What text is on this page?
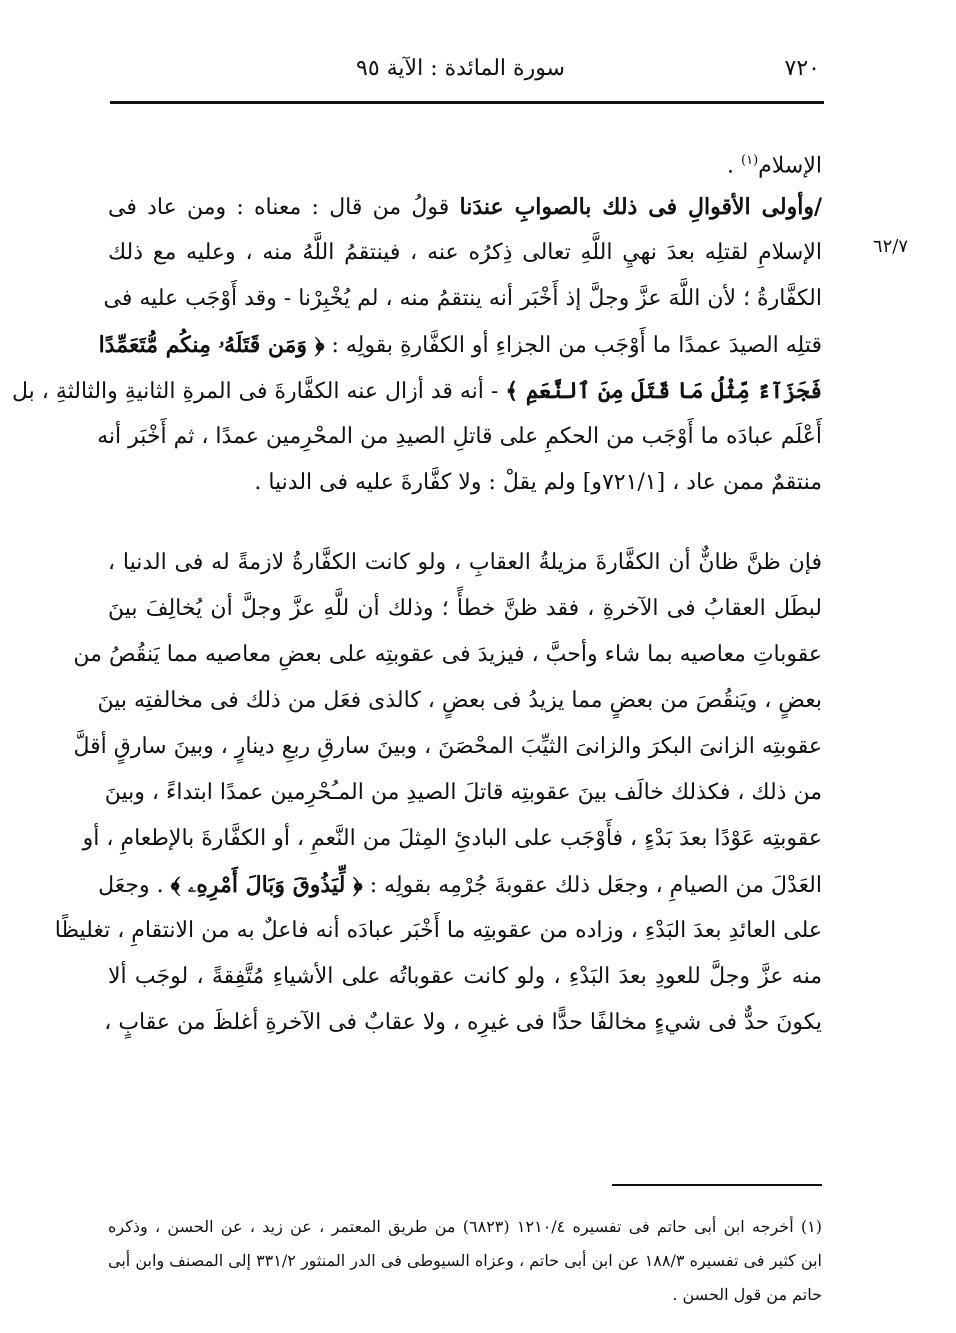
٧٢٠
سورة المائدة : الآية ٩٥
٦٢/٧
الإسلام$^{(١)}$ .
/وأولى الأقوالِ فى ذلك بالصوابِ عندَنا قولُ من قال : معناه : ومن عاد فى
الإسلامِ لقتلِه بعدَ نهيِ اللَّهِ تعالى ذِكرُه عنه ، فينتقمُ اللَّهُ منه ، وعليه مع ذلك
الكفَّارةُ ؛ لأن اللَّهَ عزَّ وجلَّ إذ أَخْبَر أنه ينتقمُ منه ، لم يُخْبِرْنا - وقد أَوْجَب عليه فى
قتلِه الصيدَ عمدًا ما أَوْجَب من الجزاءِ أو الكفَّارةِ بقولِه : ﴿ وَمَن قَتَلَهُۥ مِنكُم مُّتَعَمِّدًا
فَجَزَآءٌ مِّثْلُ مَا قَتَلَ مِنَ ٱلنَّعَمِ ﴾ - أنه قد أزال عنه الكفَّارةَ فى المرةِ الثانيةِ والثالثةِ ، بل
أَعْلَم عبادَه ما أَوْجَب من الحكمِ على قاتلِ الصيدِ من المحْرِمين عمدًا ، ثم أَخْبَر أنه
منتقمٌ ممن عاد ، [٧٢١/١و] ولم يقلْ : ولا كفَّارةَ عليه فى الدنيا .
فإن ظنَّ ظانٌّ أن الكفَّارةَ مزيلةُ العقابِ ، ولو كانت الكفَّارةُ لازمةً له فى الدنيا ،
لبطَل العقابُ فى الآخرةِ ، فقد ظنَّ خطأً ؛ وذلك أن للَّهِ عزَّ وجلَّ أن يُخالِفَ بينَ
عقوباتِ معاصيه بما شاء وأحبَّ ، فيزيدَ فى عقوبتِه على بعضِ معاصيه مما يَنقُصُ من
بعضٍ ، ويَنقُصَ من بعضٍ مما يزيدُ فى بعضٍ ، كالذى فعَل من ذلك فى مخالفتِه بينَ
عقوبتِه الزانىَ البكرَ والزانىَ الثيِّبَ المحْصَنَ ، وبينَ سارقِ ربعِ دينارٍ ، وبينَ سارقٍ أقلَّ
من ذلك ، فكذلك خالَف بينَ عقوبتِه قاتلَ الصيدِ من المـُحْرِمين عمدًا ابتداءً ، وبينَ
عقوبتِه عَوْدًا بعدَ بَدْءٍ ، فأَوْجَب على البادئِ المِثلَ من النَّعمِ ، أو الكفَّارةَ بالإطعامِ ، أو
العَدْلَ من الصيامِ ، وجعَل ذلك عقوبةَ جُرْمِه بقولِه : ﴿ لِّيَذُوقَ وَبَالَ أَمْرِهِۦ ﴾ . وجعَل
على العائدِ بعدَ البَدْءِ ، وزاده من عقوبتِه ما أَخْبَر عبادَه أنه فاعلٌ به من الانتقامِ ، تغليظًا
منه عزَّ وجلَّ للعودِ بعدَ البَدْءِ ، ولو كانت عقوباتُه على الأشياءِ مُتَّفِقةً ، لوجَب ألا
يكونَ حدٌّ فى شيءٍ مخالفًا حدًّا فى غيرِه ، ولا عقابٌ فى الآخرةِ أغلظَ من عقابٍ ،
(١) أخرجه ابن أبى حاتم فى تفسيره ١٢١٠/٤ (٦٨٢٣) من طريق المعتمر ، عن زيد ، عن الحسن ، وذكره
ابن كثير فى تفسيره ١٨٨/٣ عن ابن أبى حاتم ، وعزاه السيوطى فى الدر المنثور ٣٣١/٢ إلى المصنف وابن أبى
حاتم من قول الحسن .
